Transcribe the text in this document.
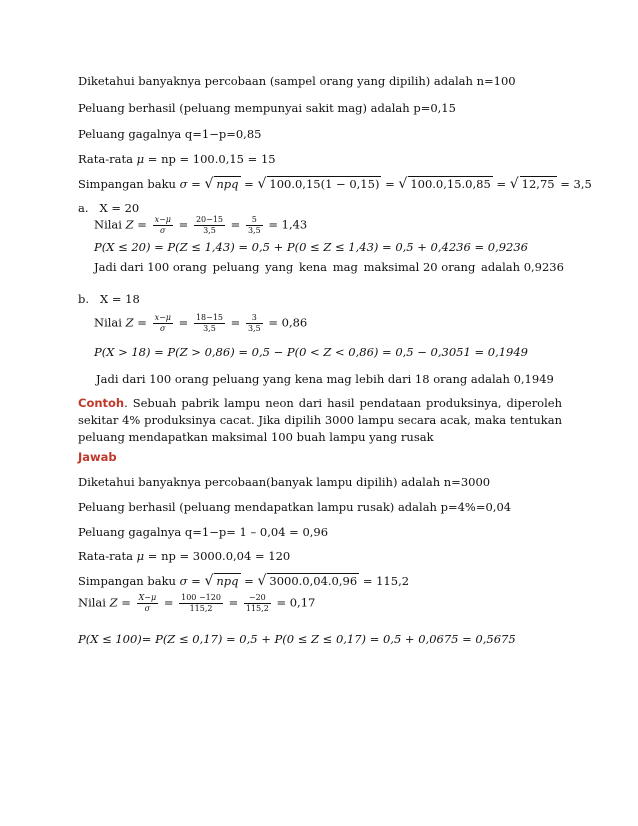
Diketahui banyaknya percobaan (sampel orang yang dipilih) adalah n=100
Peluang berhasil (peluang mempunyai sakit mag) adalah p=0,15
Peluang gagalnya q=1−p=0,85
Rata-rata μ = np = 100.0,15 = 15
Simpangan baku σ = √ npq = √ 100.0,15(1 − 0,15) = √ 100.0,15.0,85 = √ 12,75 = 3,5
a. X = 20
Nilai $Z = \frac{x-\mu}{\sigma} = \frac{20-15}{3,5} = \frac{5}{3,5} = 1,43$
P(X ≤ 20) = P(Z ≤ 1,43) = 0,5 + P(0 ≤ Z ≤ 1,43) = 0,5 + 0,4236 = 0,9236
Jadi dari 100 orang peluang yang kena mag maksimal 20 orang adalah 0,9236
b. X = 18
Nilai $Z = \frac{x-\mu}{\sigma} = \frac{18-15}{3,5} = \frac{3}{3,5} = 0,86$
P(X > 18) = P(Z > 0,86) = 0,5 − P(0 < Z < 0,86) = 0,5 − 0,3051 = 0,1949
Jadi dari 100 orang peluang yang kena mag lebih dari 18 orang adalah 0,1949
Contoh. Sebuah pabrik lampu neon dari hasil pendataan produksinya, diperoleh sekitar 4% produksinya cacat. Jika dipilih 3000 lampu secara acak, maka tentukan peluang mendapatkan maksimal 100 buah lampu yang rusak
Jawab
Diketahui banyaknya percobaan(banyak lampu dipilih) adalah n=3000
Peluang berhasil (peluang mendapatkan lampu rusak) adalah p=4%=0,04
Peluang gagalnya q=1−p= 1 – 0,04 = 0,96
Rata-rata μ = np = 3000.0,04 = 120
Simpangan baku σ = √ npq = √ 3000.0,04.0,96 = 115,2
Nilai $Z = \frac{X-\mu}{\sigma} = \frac{100 -120}{115,2} = \frac{-20}{115,2} = 0,17$
P(X ≤ 100)= P(Z ≤ 0,17) = 0,5 + P(0 ≤ Z ≤ 0,17) = 0,5 + 0,0675 = 0,5675
